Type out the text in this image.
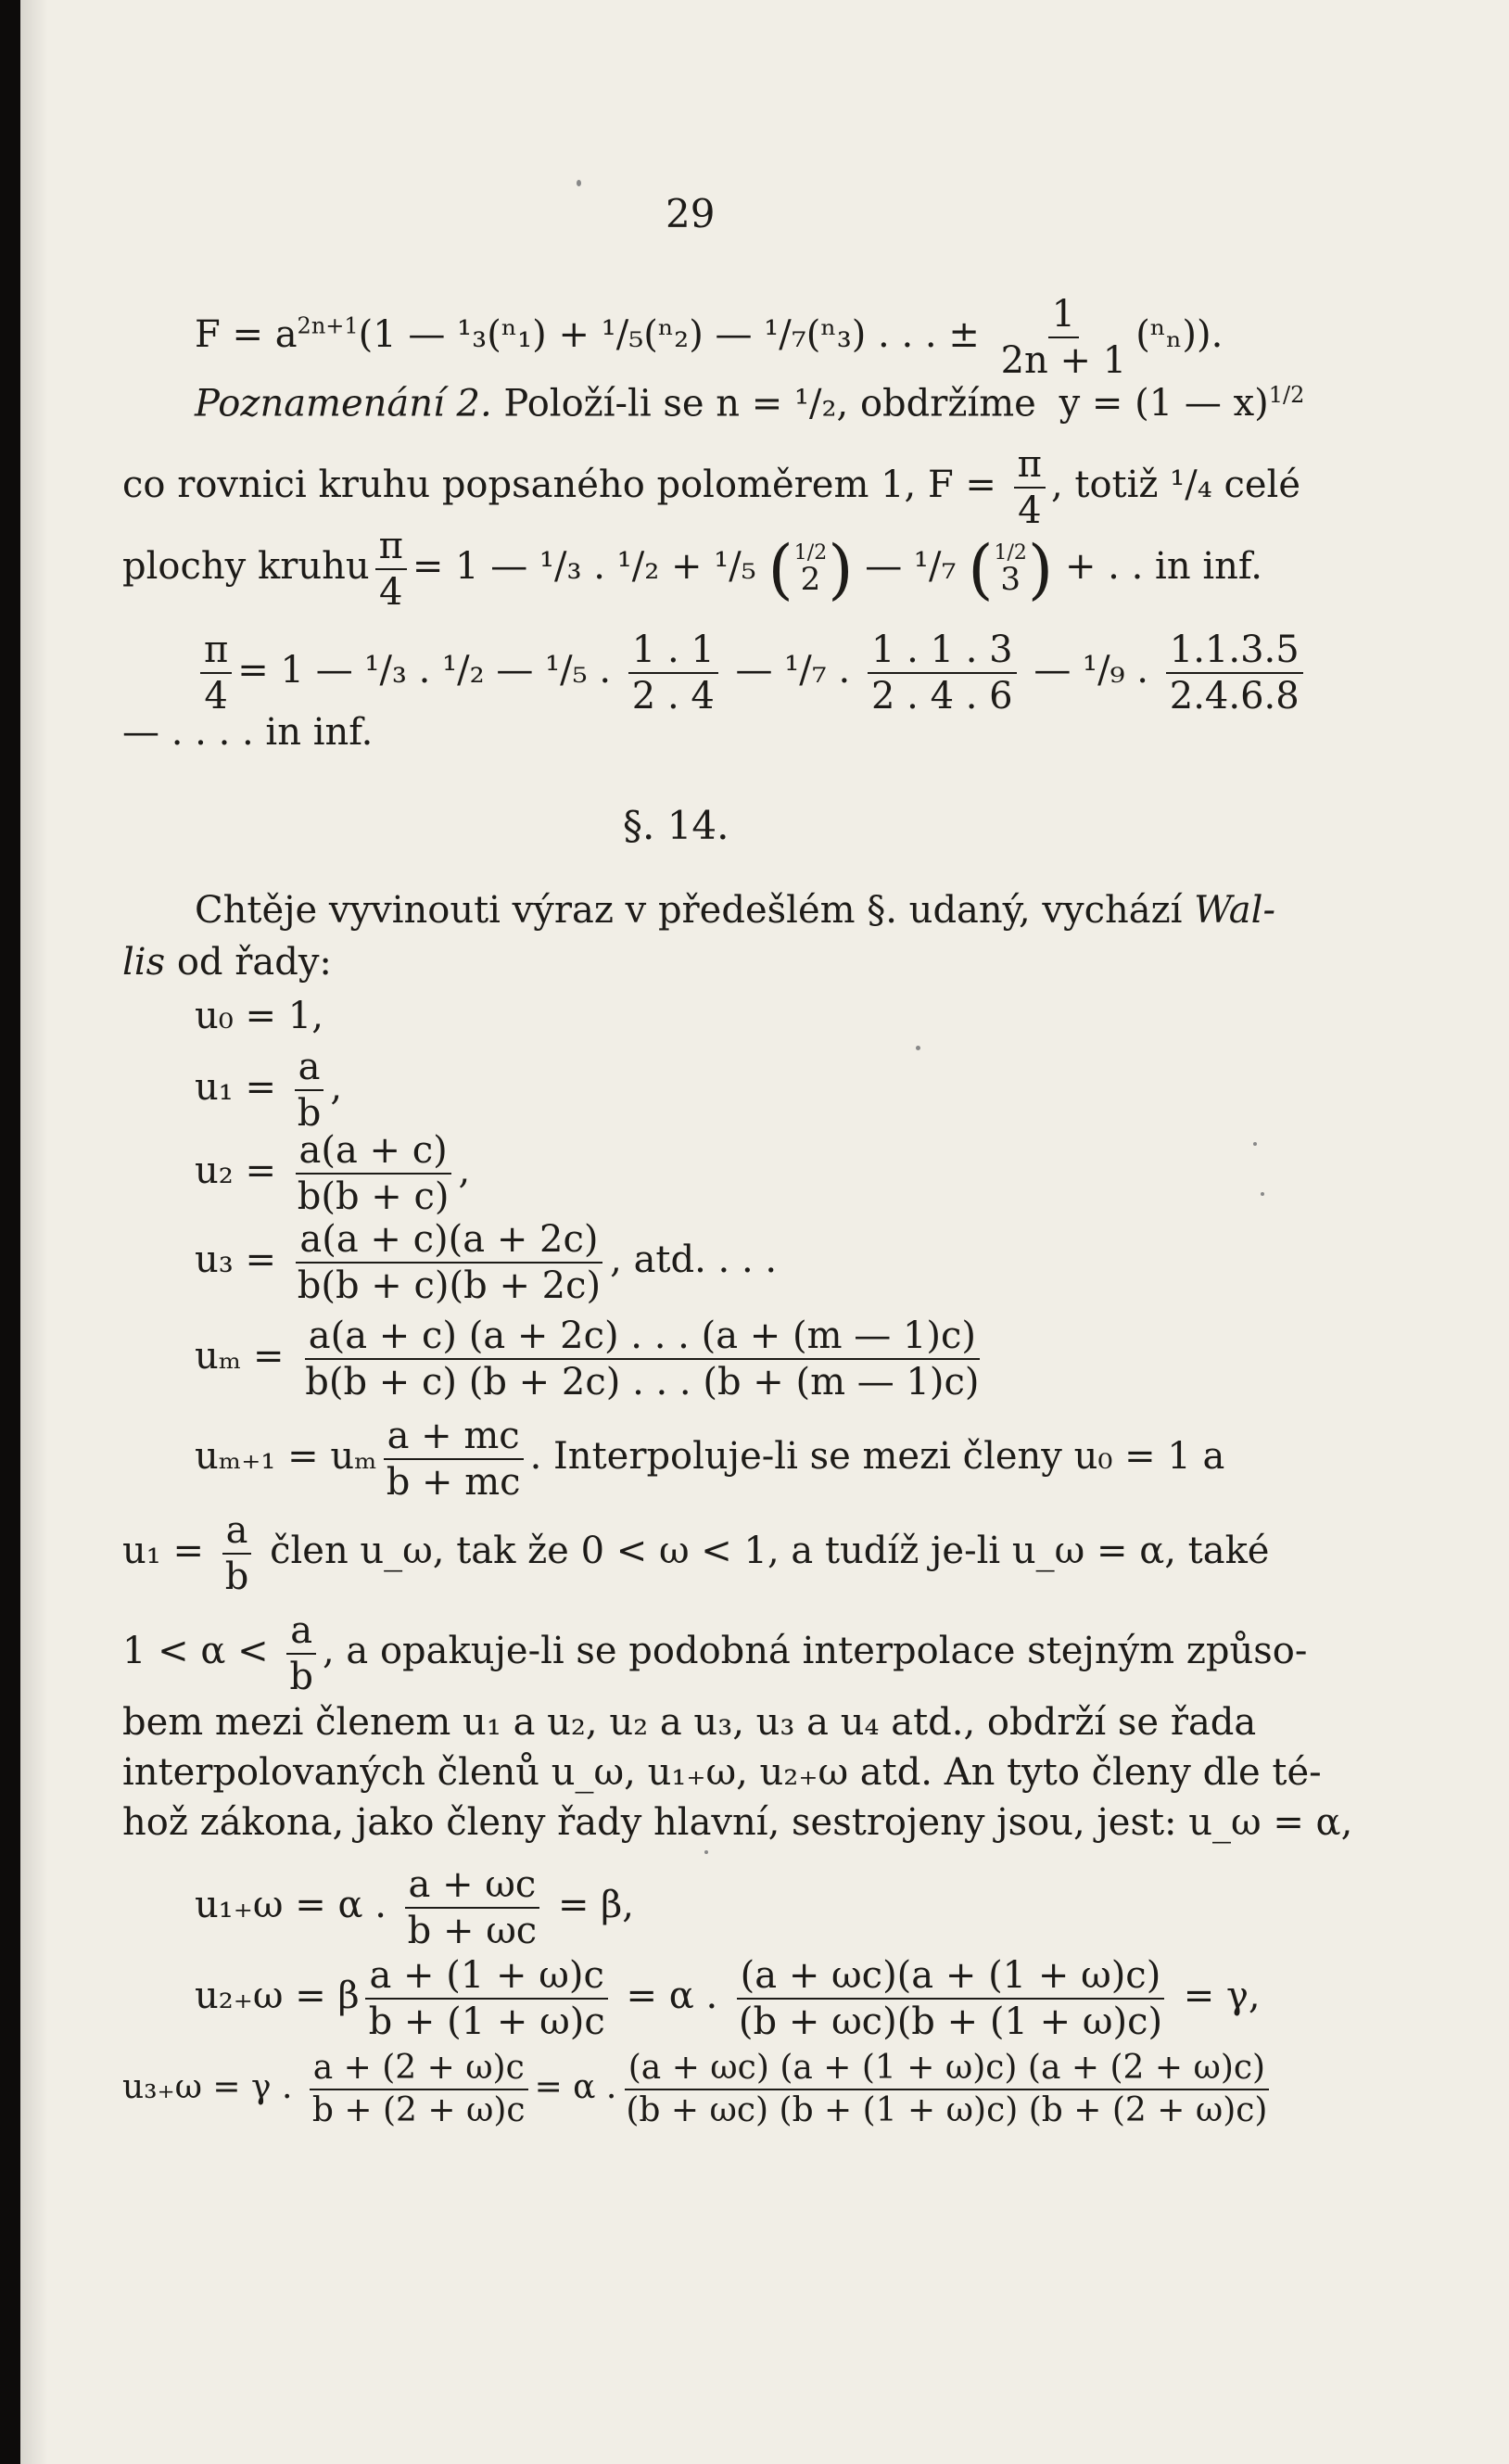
29
$F = a^{2n+1}(1$ — ¹₃(ⁿ₁) + ¹/₅(ⁿ₂) — ¹/₇(ⁿ₃) . . . ± $\frac{1}{2n + 1} (^n_n)$).
Poznamenání 2. Položí-li se n = ¹/₂, obdržíme y = (1 — x)$^{1/2}$
co rovnici kruhu popsaného poloměrem 1, $F = \frac{\pi}{4}$ , totiž ¹/₄ celé
plochy kruhu $\frac{\pi}{4} = 1$ — ¹/₃ . ¹/₂ + ¹/₅ ( 1/2
2 ) — ¹/₇ ( 1/2
3 ) + . . in inf.
$\frac{\pi}{4} = 1$ — ¹/₃ . ¹/₂ — ¹/₅ . $\frac{1 . 1}{2 . 4}$ — ¹/₇ . $\frac{1 . 1 . 3}{2 . 4 . 6}$ — ¹/₉ . $\frac{1.1.3.5}{2.4.6.8}$
— . . . . in inf.
§. 14.
Chtěje vyvinouti výraz v předešlém §. udaný, vychází Wal-
lis od řady:
u₀ = 1,
$u_1 = \frac{a}{b}$ ,
$u_2 = \frac{a(a + c)}{b(b + c)}$ ,
$u_3 = \frac{a(a + c)(a + 2c)}{b(b + c)(b + 2c)}$ , atd. . . .
$u_m = \frac{a(a + c) (a + 2c) . . . (a + (m — 1)c)}{b(b + c) (b + 2c) . . . (b + (m — 1)c)}$
uₘ₊₁ = uₘ $\frac{a + mc}{b + mc}$ . Interpoluje-li se mezi členy u₀ = 1 a
$u_1 = \frac{a}{b}$ člen u_ω, tak že 0 < ω < 1, a tudíž je-li u_ω = α, také
$1 < \alpha < \frac{a}{b}$ , a opakuje-li se podobná interpolace stejným způso-
bem mezi členem u₁ a u₂, u₂ a u₃, u₃ a u₄ atd., obdrží se řada
interpolovaných členů u_ω, u₁₊ω, u₂₊ω atd. An tyto členy dle té-
hož zákona, jako členy řady hlavní, sestrojeny jsou, jest: u_ω = α,
u₁₊ω = α . $\frac{a + \omega c}{b + \omega c} = \beta$,
u₂₊ω = β $\frac{a + (1 + \omega)c}{b + (1 + \omega)c} = \alpha$ . $\frac{(a + \omega c)(a + (1 + \omega)c)}{(b + \omega c)(b + (1 + \omega)c)} = \gamma$,
u₃₊ω = γ . $\frac{a + (2 + \omega)c}{b + (2 + \omega)c} = \alpha$ . $\frac{(a + \omega c) (a + (1 + \omega)c) (a + (2 + \omega)c)}{(b + \omega c) (b + (1 + \omega)c) (b + (2 + \omega)c)}$
